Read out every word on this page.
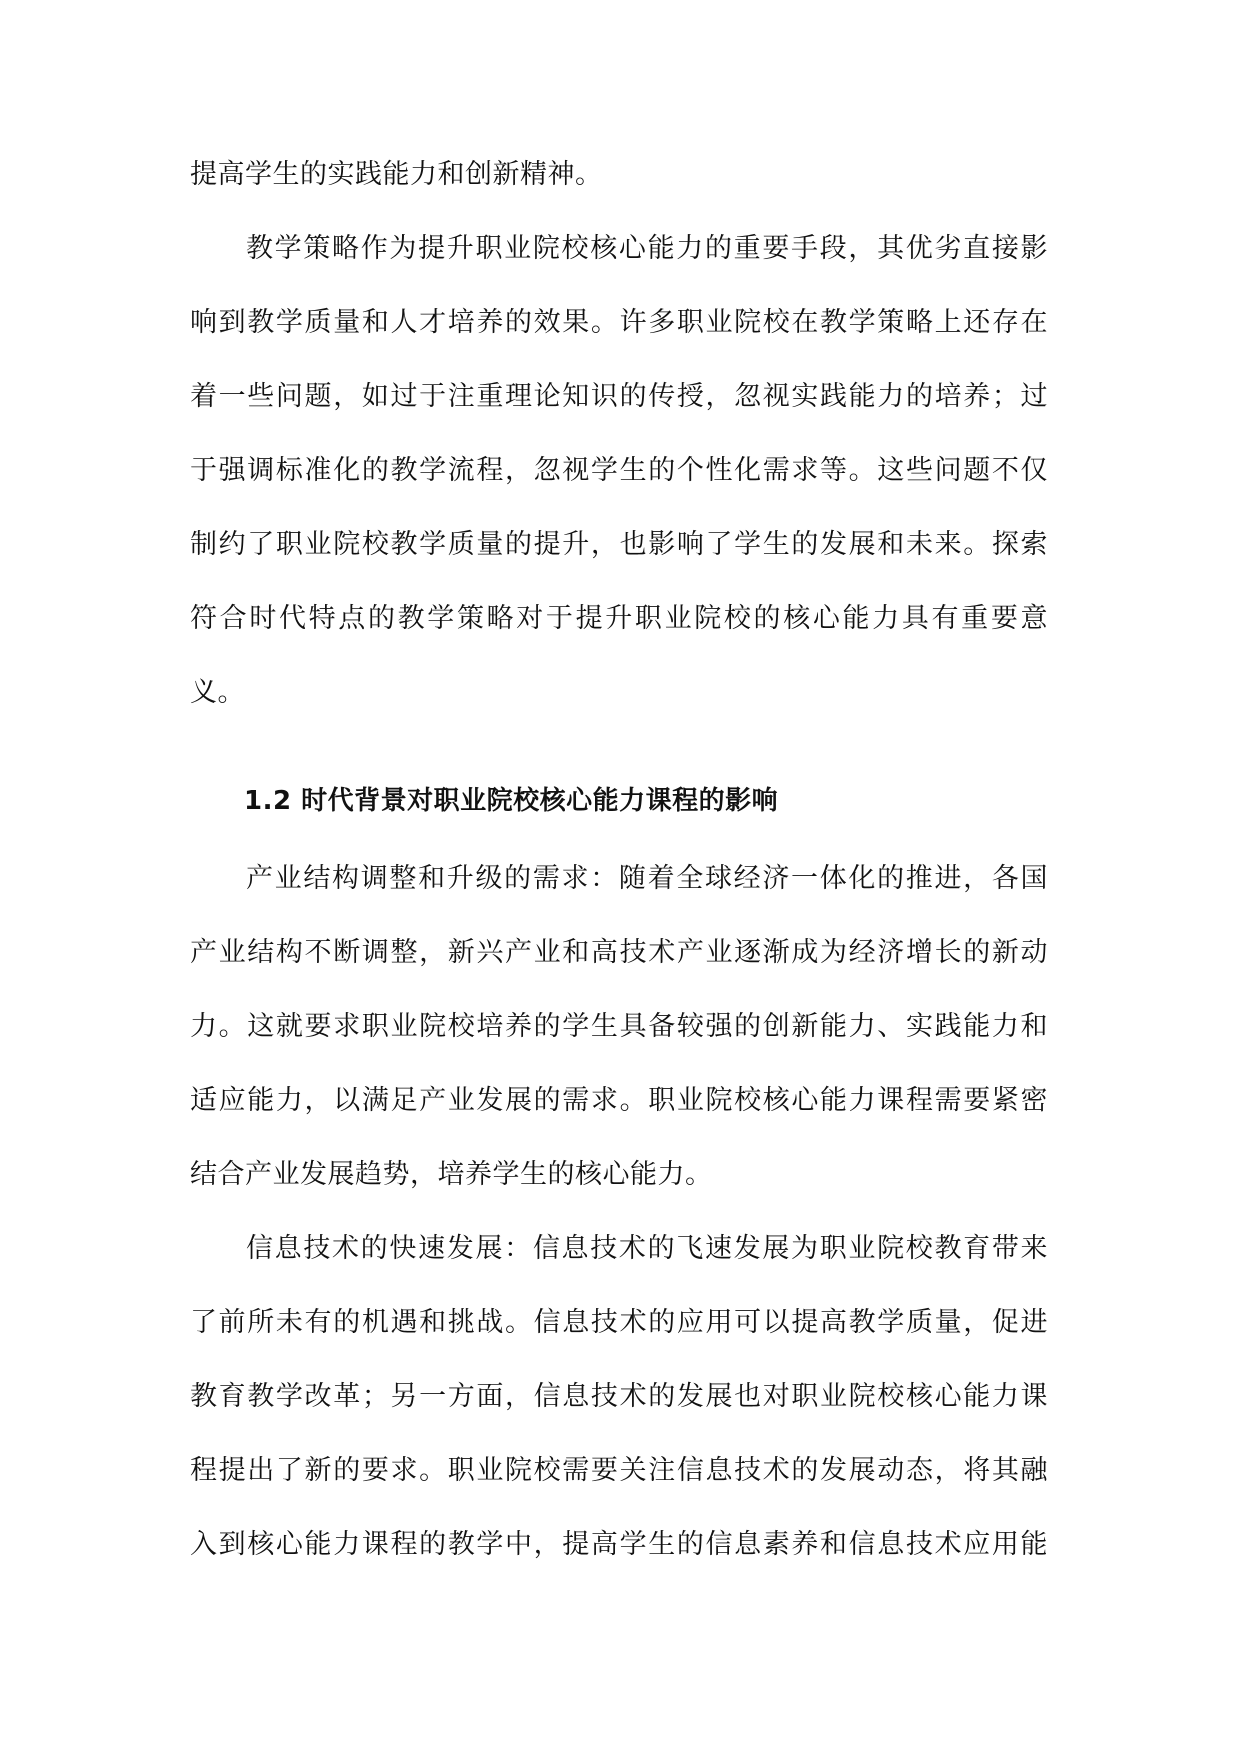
提高学生的实践能力和创新精神。
教学策略作为提升职业院校核心能力的重要手段，其优劣直接影
响到教学质量和人才培养的效果。许多职业院校在教学策略上还存在
着一些问题，如过于注重理论知识的传授，忽视实践能力的培养；过
于强调标准化的教学流程，忽视学生的个性化需求等。这些问题不仅
制约了职业院校教学质量的提升，也影响了学生的发展和未来。探索
符合时代特点的教学策略对于提升职业院校的核心能力具有重要意
义。
1.2 时代背景对职业院校核心能力课程的影响
产业结构调整和升级的需求：随着全球经济一体化的推进，各国
产业结构不断调整，新兴产业和高技术产业逐渐成为经济增长的新动
力。这就要求职业院校培养的学生具备较强的创新能力、实践能力和
适应能力，以满足产业发展的需求。职业院校核心能力课程需要紧密
结合产业发展趋势，培养学生的核心能力。
信息技术的快速发展：信息技术的飞速发展为职业院校教育带来
了前所未有的机遇和挑战。信息技术的应用可以提高教学质量，促进
教育教学改革；另一方面，信息技术的发展也对职业院校核心能力课
程提出了新的要求。职业院校需要关注信息技术的发展动态，将其融
入到核心能力课程的教学中，提高学生的信息素养和信息技术应用能
